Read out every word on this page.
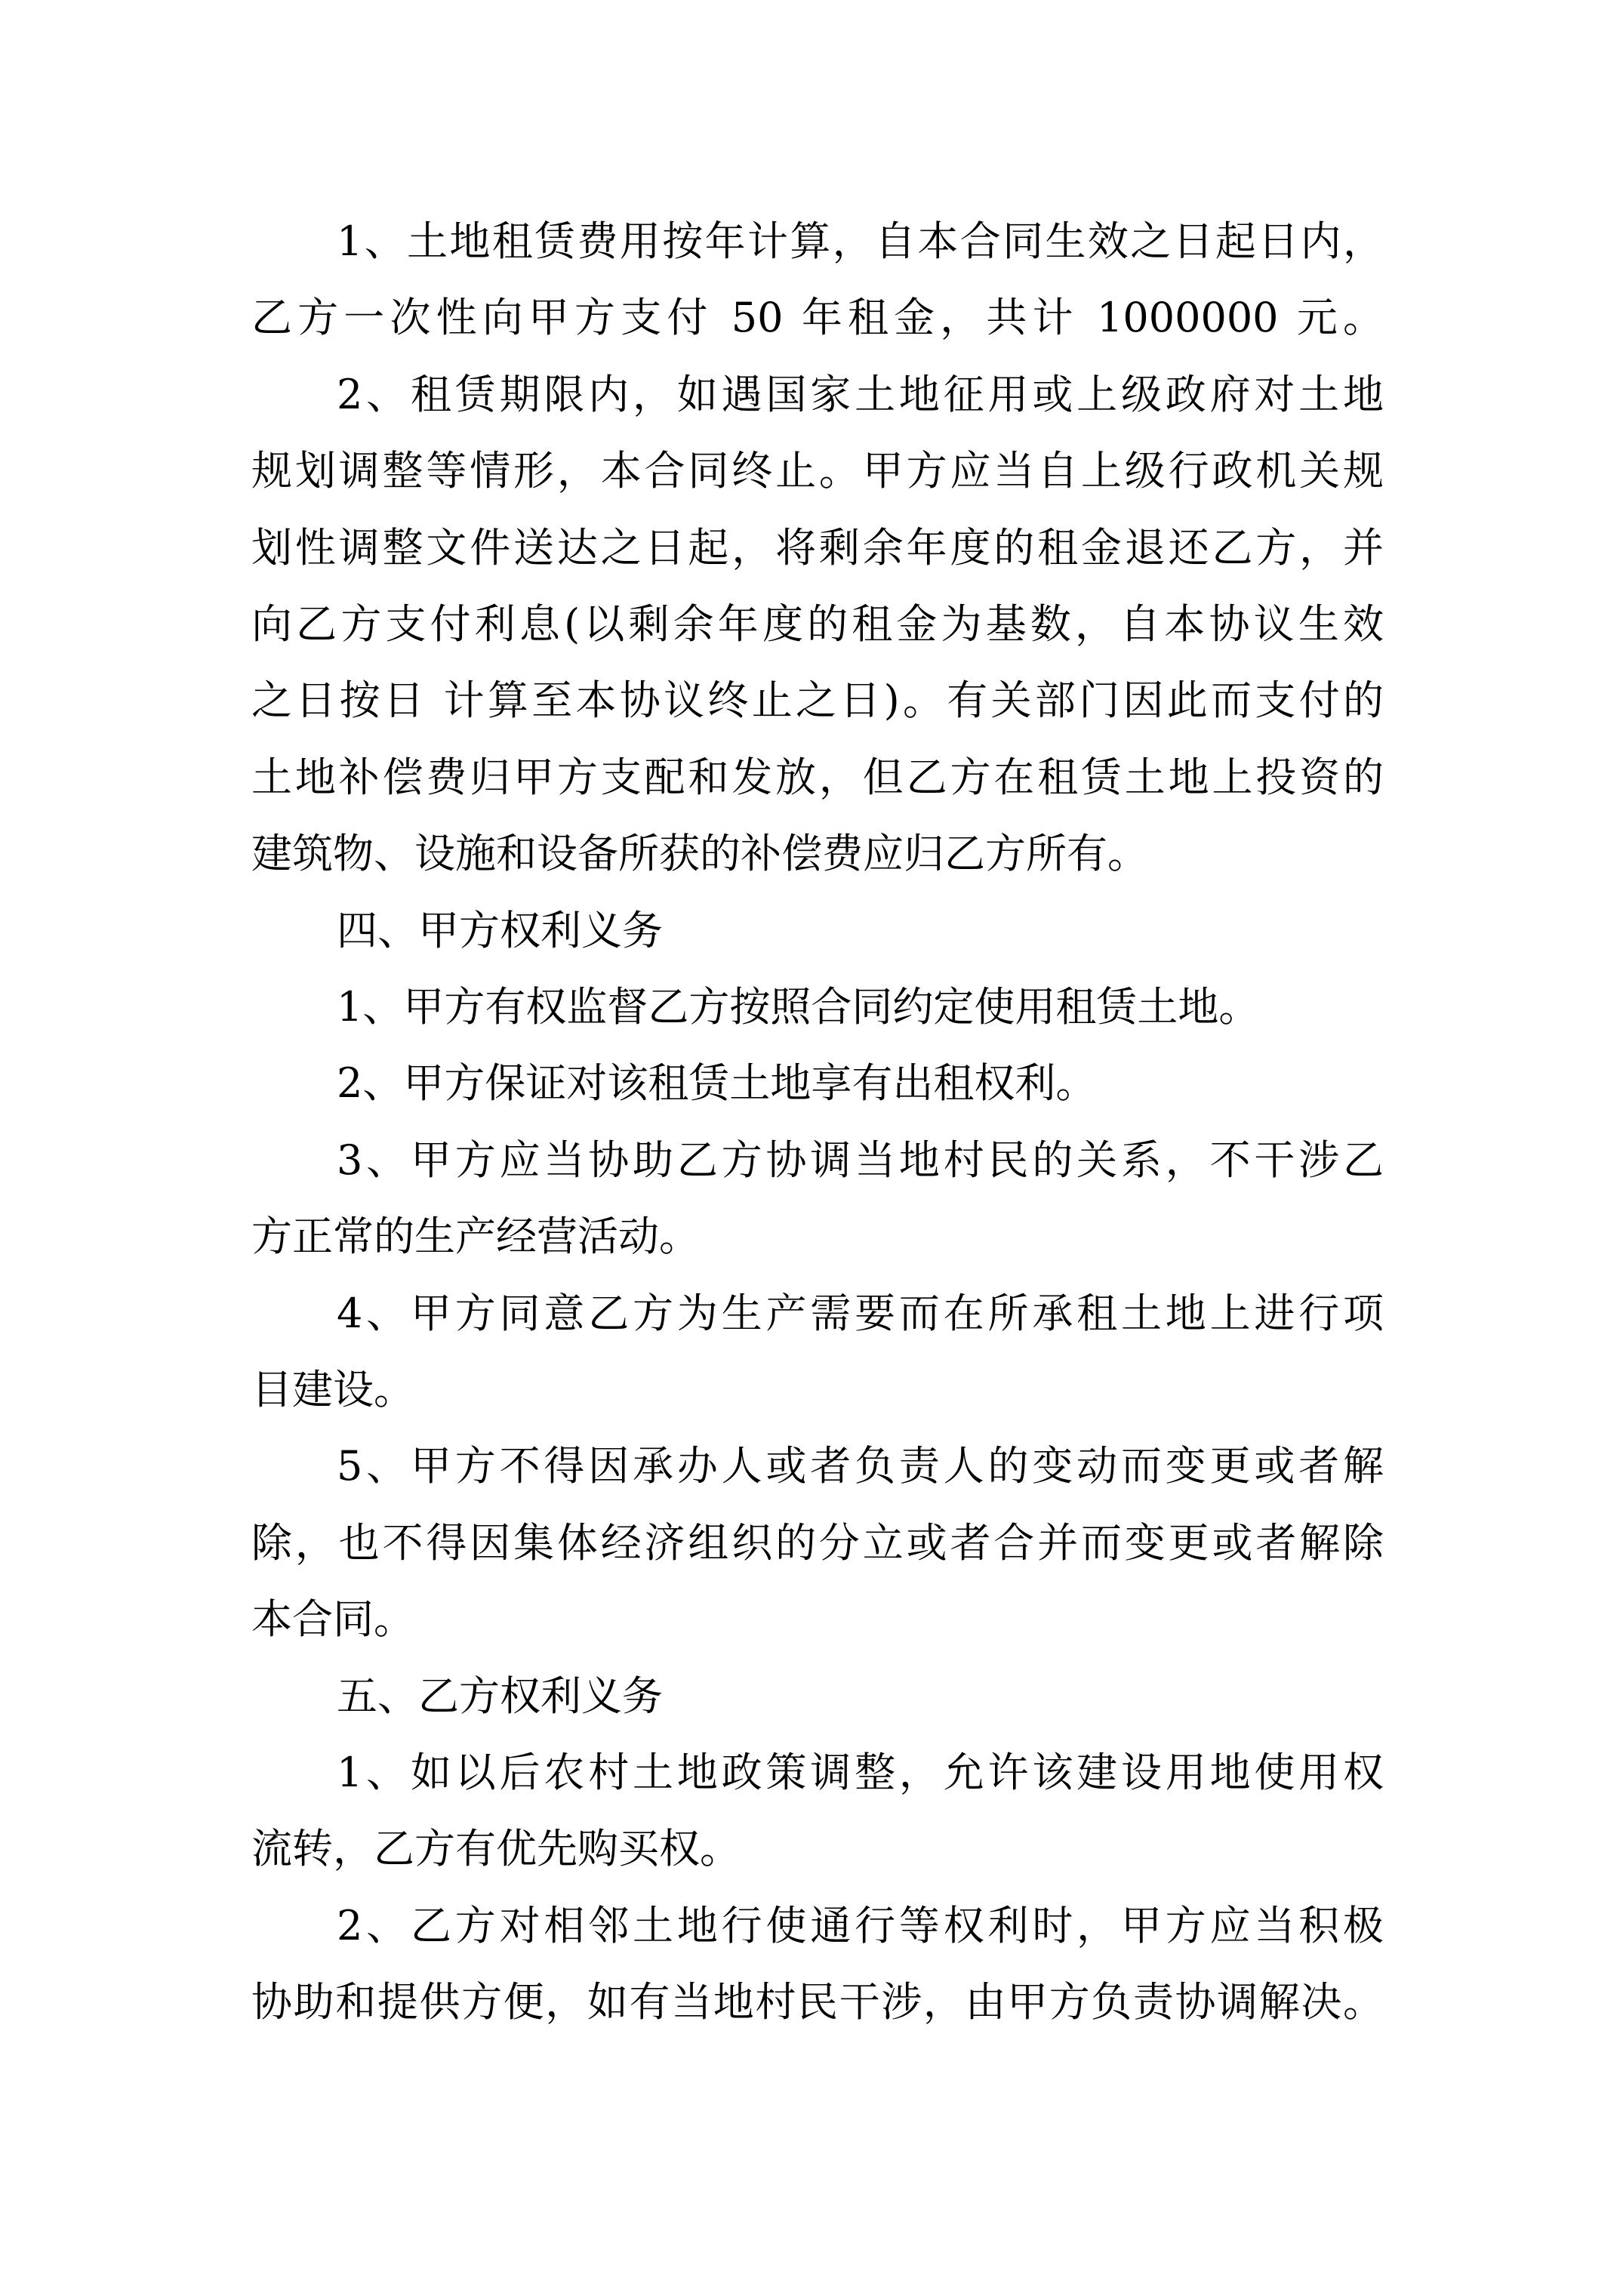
1、土地租赁费用按年计算，自本合同生效之日起日内，
乙方一次性向甲方支付 50 年租金，共计 1000000 元。
2、租赁期限内，如遇国家土地征用或上级政府对土地
规划调整等情形，本合同终止。甲方应当自上级行政机关规
划性调整文件送达之日起，将剩余年度的租金退还乙方，并
向乙方支付利息(以剩余年度的租金为基数，自本协议生效
之日按日 计算至本协议终止之日)。有关部门因此而支付的
土地补偿费归甲方支配和发放，但乙方在租赁土地上投资的
建筑物、设施和设备所获的补偿费应归乙方所有。
四、甲方权利义务
1、甲方有权监督乙方按照合同约定使用租赁土地。
2、甲方保证对该租赁土地享有出租权利。
3、甲方应当协助乙方协调当地村民的关系，不干涉乙
方正常的生产经营活动。
4、甲方同意乙方为生产需要而在所承租土地上进行项
目建设。
5、甲方不得因承办人或者负责人的变动而变更或者解
除，也不得因集体经济组织的分立或者合并而变更或者解除
本合同。
五、乙方权利义务
1、如以后农村土地政策调整，允许该建设用地使用权
流转，乙方有优先购买权。
2、乙方对相邻土地行使通行等权利时，甲方应当积极
协助和提供方便，如有当地村民干涉，由甲方负责协调解决。
